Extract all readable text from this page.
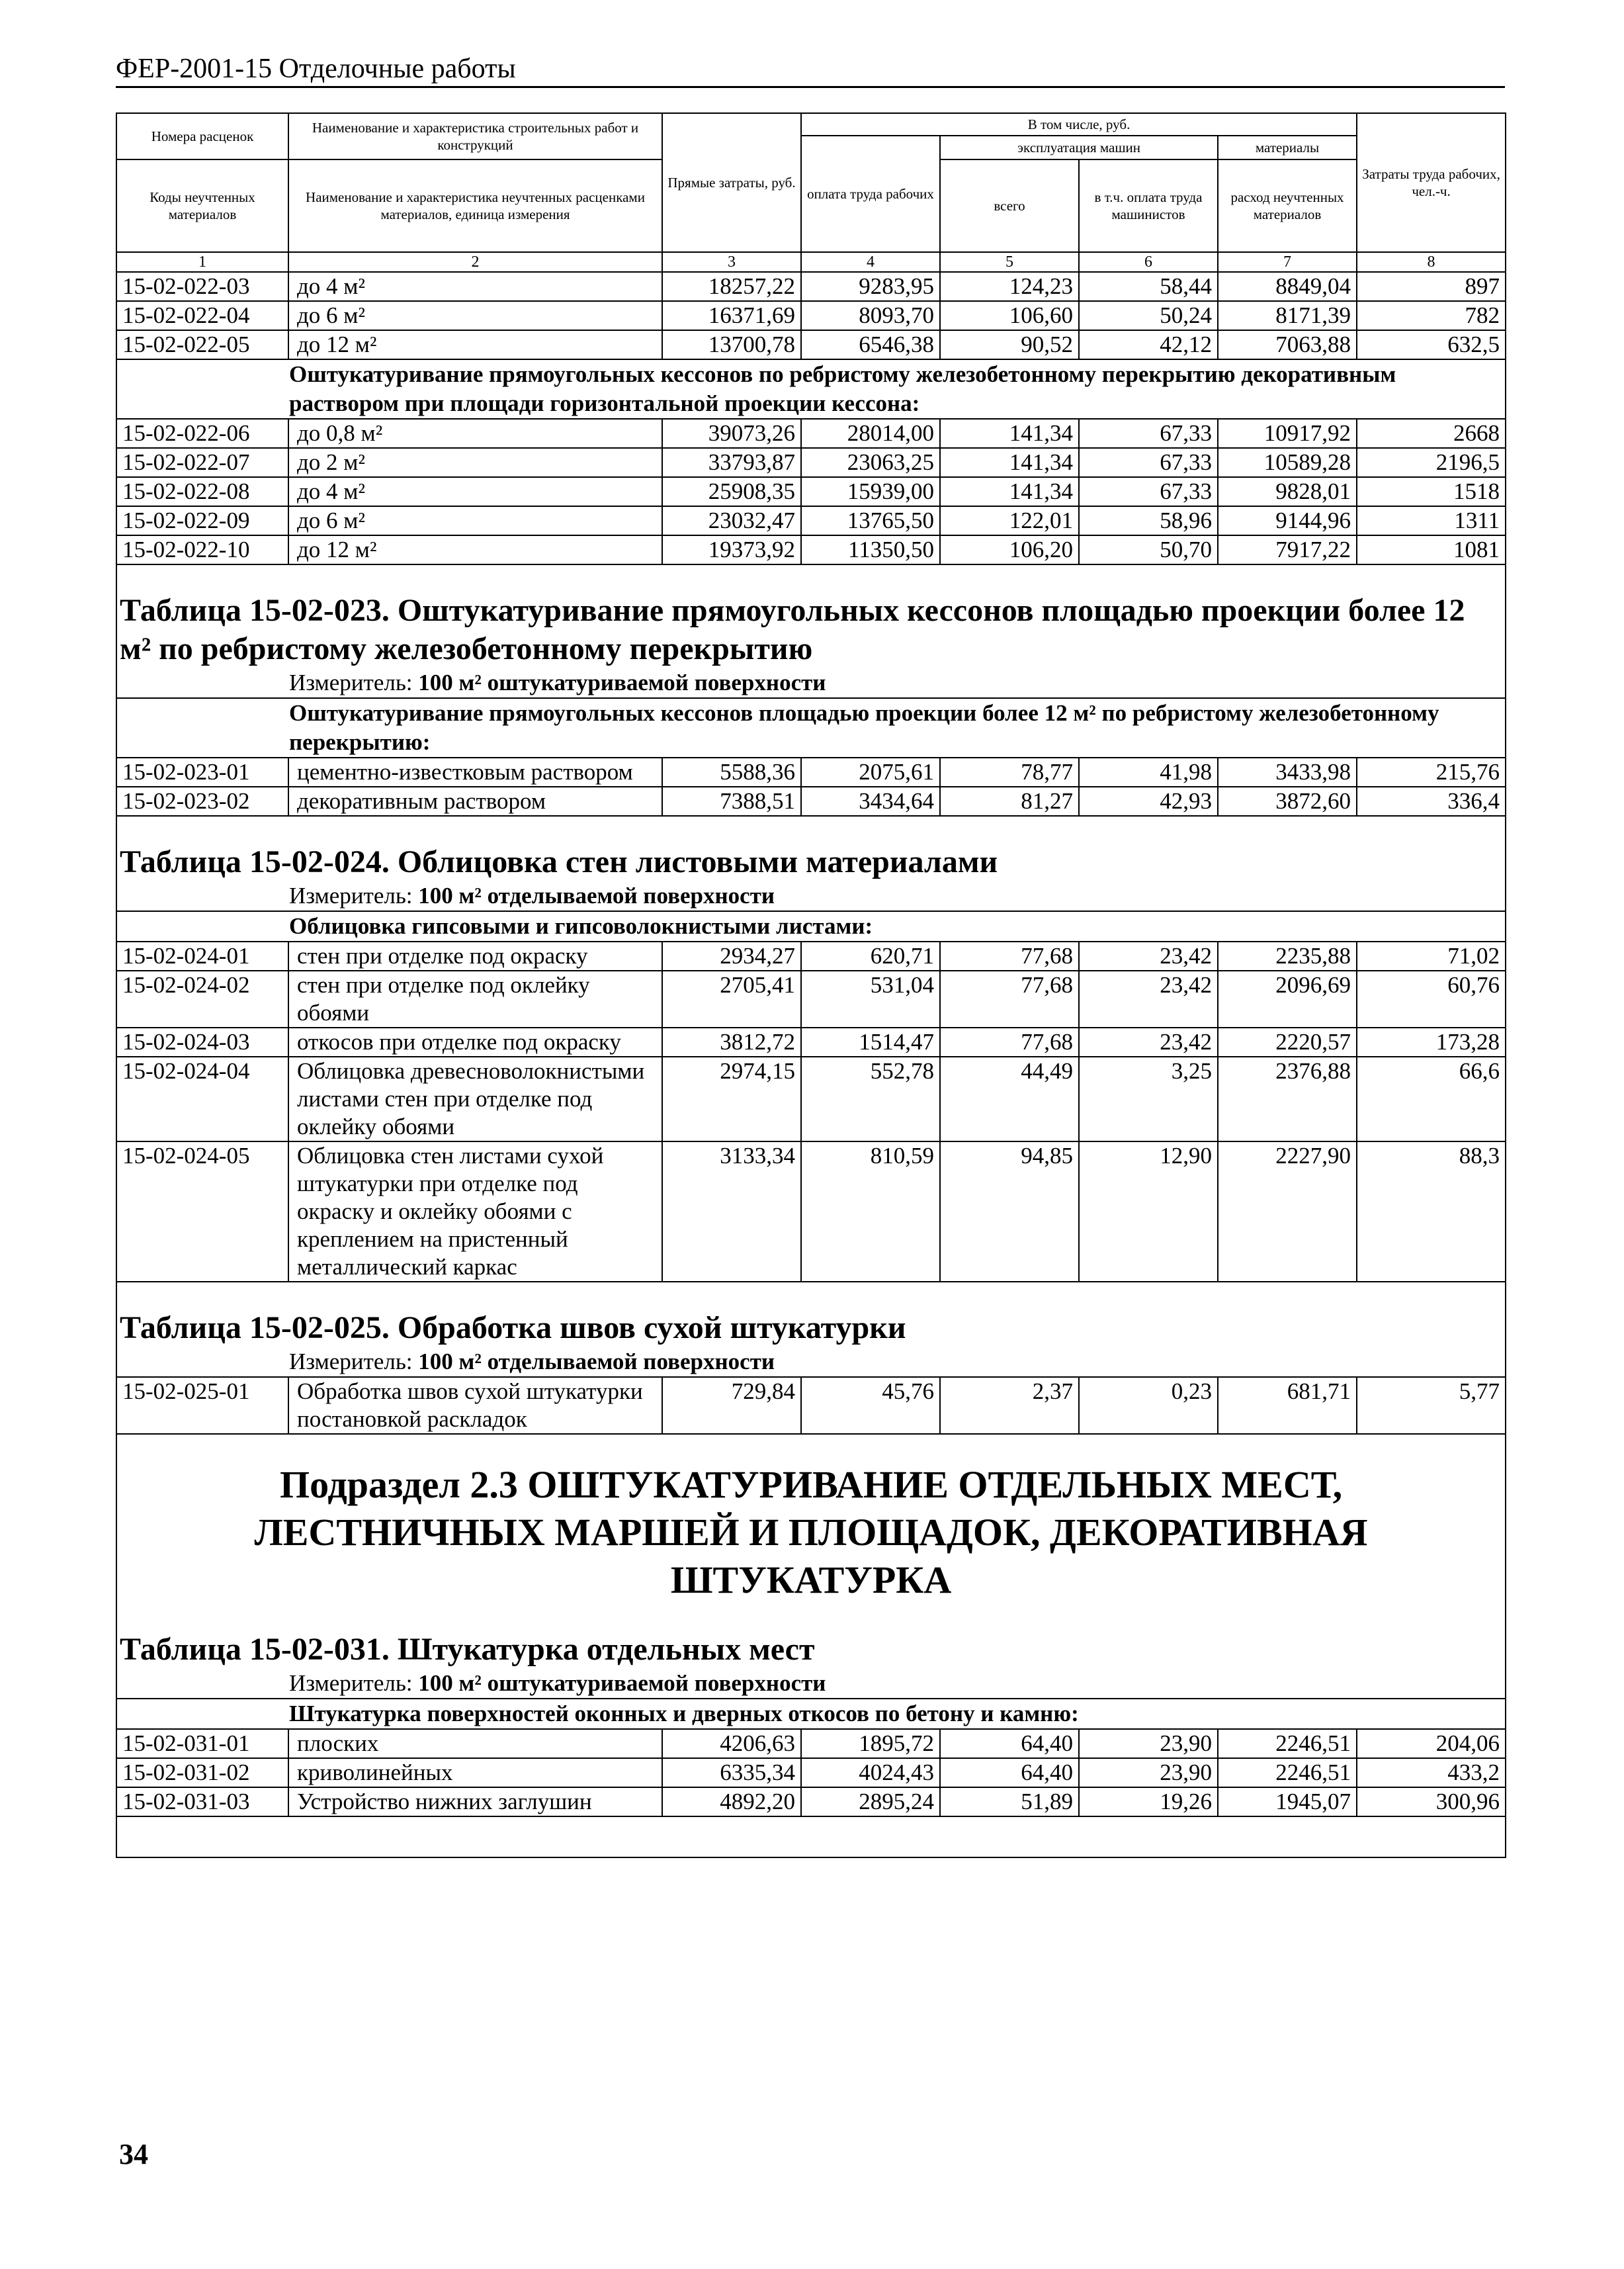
ФЕР-2001-15 Отделочные работы
Номера расценок	Наименование и характеристика строительных работ и конструкций	Прямые затраты, руб.	В том числе, руб.				Затраты труда рабочих, чел.-ч.
			оплата труда рабочих	эксплуатация машин		материалы	
Коды неучтенных материалов	Наименование и характеристика неучтенных расценками материалов, единица измерения			всего	в т.ч. оплата труда машинистов	расход неучтенных материалов	

1	2	3	4	5	6	7	8
15-02-022-03	до 4 м²	18257,22	9283,95	124,23	58,44	8849,04	897
15-02-022-04	до 6 м²	16371,69	8093,70	106,60	50,24	8171,39	782
15-02-022-05	до 12 м²	13700,78	6546,38	90,52	42,12	7063,88	632,5
Оштукатуривание прямоугольных кессонов по ребристому железобетонному перекрытию декоративным раствором при площади горизонтальной проекции кессона:							
15-02-022-06	до 0,8 м²	39073,26	28014,00	141,34	67,33	10917,92	2668
15-02-022-07	до 2 м²	33793,87	23063,25	141,34	67,33	10589,28	2196,5
15-02-022-08	до 4 м²	25908,35	15939,00	141,34	67,33	9828,01	1518
15-02-022-09	до 6 м²	23032,47	13765,50	122,01	58,96	9144,96	1311
15-02-022-10	до 12 м²	19373,92	11350,50	106,20	50,70	7917,22	1081

Таблица 15-02-023. Оштукатуривание прямоугольных кессонов площадью проекции более 12 м² по ребристому железобетонному перекрытию							
Измеритель: 100 м² оштукатуриваемой поверхности							
Оштукатуривание прямоугольных кессонов площадью проекции более 12 м² по ребристому железобетонному перекрытию:							
15-02-023-01	цементно-известковым раствором	5588,36	2075,61	78,77	41,98	3433,98	215,76
15-02-023-02	декоративным раствором	7388,51	3434,64	81,27	42,93	3872,60	336,4

Таблица 15-02-024. Облицовка стен листовыми материалами							
Измеритель: 100 м² отделываемой поверхности							
Облицовка гипсовыми и гипсоволокнистыми листами:							
15-02-024-01	стен при отделке под окраску	2934,27	620,71	77,68	23,42	2235,88	71,02
15-02-024-02	стен при отделке под оклейку обоями	2705,41	531,04	77,68	23,42	2096,69	60,76
15-02-024-03	откосов при отделке под окраску	3812,72	1514,47	77,68	23,42	2220,57	173,28
15-02-024-04	Облицовка древесноволокнистыми листами стен при отделке под оклейку обоями	2974,15	552,78	44,49	3,25	2376,88	66,6
15-02-024-05	Облицовка стен листами сухой штукатурки при отделке под окраску и оклейку обоями с креплением на пристенный металлический каркас	3133,34	810,59	94,85	12,90	2227,90	88,3

Таблица 15-02-025. Обработка швов сухой штукатурки							
Измеритель: 100 м² отделываемой поверхности							
15-02-025-01	Обработка швов сухой штукатурки постановкой раскладок	729,84	45,76	2,37	0,23	681,71	5,77

Подраздел 2.3 ОШТУКАТУРИВАНИЕ ОТДЕЛЬНЫХ МЕСТ, ЛЕСТНИЧНЫХ МАРШЕЙ И ПЛОЩАДОК, ДЕКОРАТИВНАЯ ШТУКАТУРКА							

Таблица 15-02-031. Штукатурка отдельных мест							
Измеритель: 100 м² оштукатуриваемой поверхности							
Штукатурка поверхностей оконных и дверных откосов по бетону и камню:							
15-02-031-01	плоских	4206,63	1895,72	64,40	23,90	2246,51	204,06
15-02-031-02	криволинейных	6335,34	4024,43	64,40	23,90	2246,51	433,2
15-02-031-03	Устройство нижних заглушин	4892,20	2895,24	51,89	19,26	1945,07	300,96

34
